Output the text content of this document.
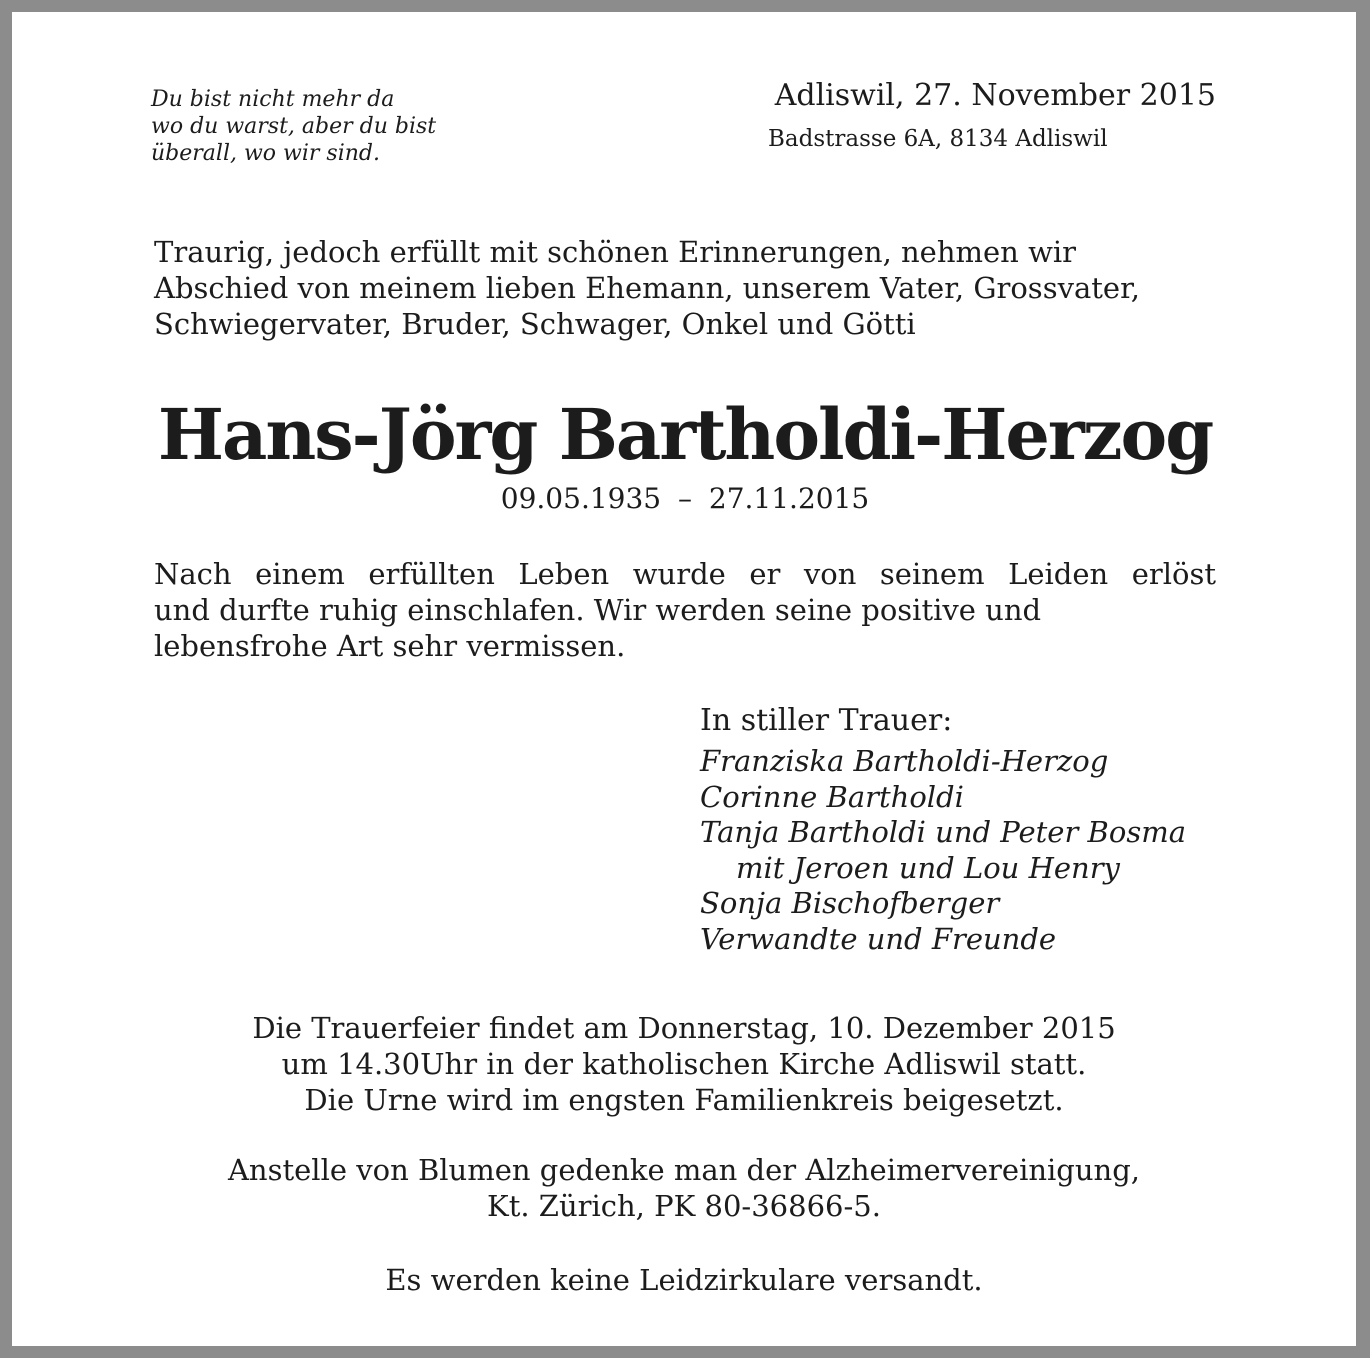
Du bist nicht mehr da
wo du warst, aber du bist
überall, wo wir sind.
Adliswil, 27. November 2015
Badstrasse 6A, 8134 Adliswil
Traurig, jedoch erfüllt mit schönen Erinnerungen, nehmen wir
Abschied von meinem lieben Ehemann, unserem Vater, Grossvater,
Schwiegervater, Bruder, Schwager, Onkel und Götti
Hans-Jörg Bartholdi-Herzog
09.05.1935 – 27.11.2015
Nach einem erfüllten Leben wurde er von seinem Leiden erlöst
und durfte ruhig einschlafen. Wir werden seine positive und
lebensfrohe Art sehr vermissen.
In stiller Trauer:
Franziska Bartholdi-Herzog
Corinne Bartholdi
Tanja Bartholdi und Peter Bosma
mit Jeroen und Lou Henry
Sonja Bischofberger
Verwandte und Freunde
Die Trauerfeier findet am Donnerstag, 10. Dezember 2015
um 14.30Uhr in der katholischen Kirche Adliswil statt.
Die Urne wird im engsten Familienkreis beigesetzt.
Anstelle von Blumen gedenke man der Alzheimervereinigung,
Kt. Zürich, PK 80-36866-5.
Es werden keine Leidzirkulare versandt.
